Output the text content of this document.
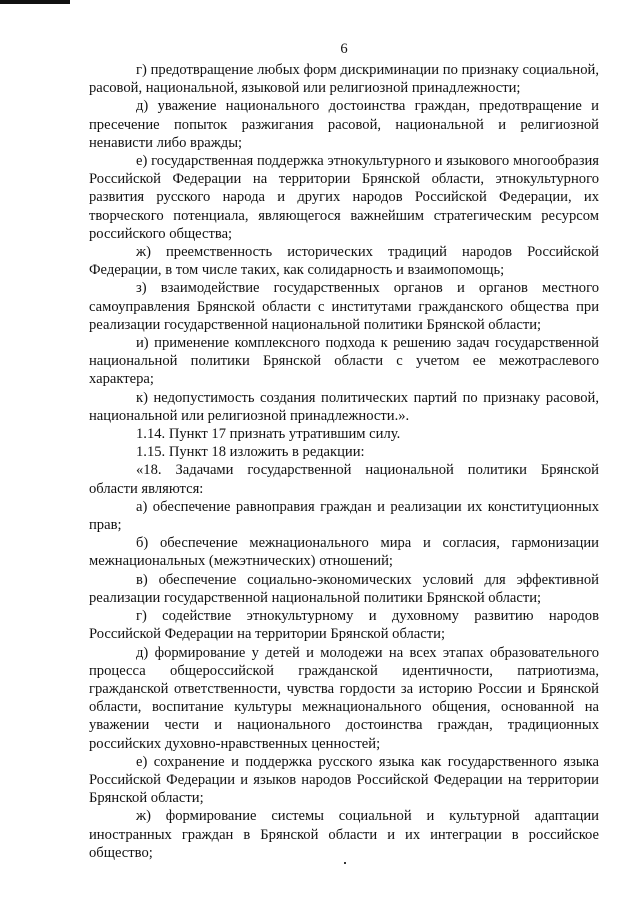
6

г) предотвращение любых форм дискриминации по признаку социальной, расовой, национальной, языковой или религиозной принадлежности;

д) уважение национального достоинства граждан, предотвращение и пресечение попыток разжигания расовой, национальной и религиозной ненависти либо вражды;

е) государственная поддержка этнокультурного и языкового многообразия Российской Федерации на территории Брянской области, этнокультурного развития русского народа и других народов Российской Федерации, их творческого потенциала, являющегося важнейшим стратегическим ресурсом российского общества;

ж) преемственность исторических традиций народов Российской Федерации, в том числе таких, как солидарность и взаимопомощь;

з) взаимодействие государственных органов и органов местного самоуправления Брянской области с институтами гражданского общества при реализации государственной национальной политики Брянской области;

и) применение комплексного подхода к решению задач государственной национальной политики Брянской области с учетом ее межотраслевого характера;

к) недопустимость создания политических партий по признаку расовой, национальной или религиозной принадлежности.».

1.14. Пункт 17 признать утратившим силу.

1.15. Пункт 18 изложить в редакции:

«18. Задачами государственной национальной политики Брянской области являются:

а) обеспечение равноправия граждан и реализации их конституционных прав;

б) обеспечение межнационального мира и согласия, гармонизации межнациональных (межэтнических) отношений;

в) обеспечение социально-экономических условий для эффективной реализации государственной национальной политики Брянской области;

г) содействие этнокультурному и духовному развитию народов Российской Федерации на территории Брянской области;

д) формирование у детей и молодежи на всех этапах образовательного процесса общероссийской гражданской идентичности, патриотизма, гражданской ответственности, чувства гордости за историю России и Брянской области, воспитание культуры межнационального общения, основанной на уважении чести и национального достоинства граждан, традиционных российских духовно-нравственных ценностей;

е) сохранение и поддержка русского языка как государственного языка Российской Федерации и языков народов Российской Федерации на территории Брянской области;

ж) формирование системы социальной и культурной адаптации иностранных граждан в Брянской области и их интеграции в российское общество;
